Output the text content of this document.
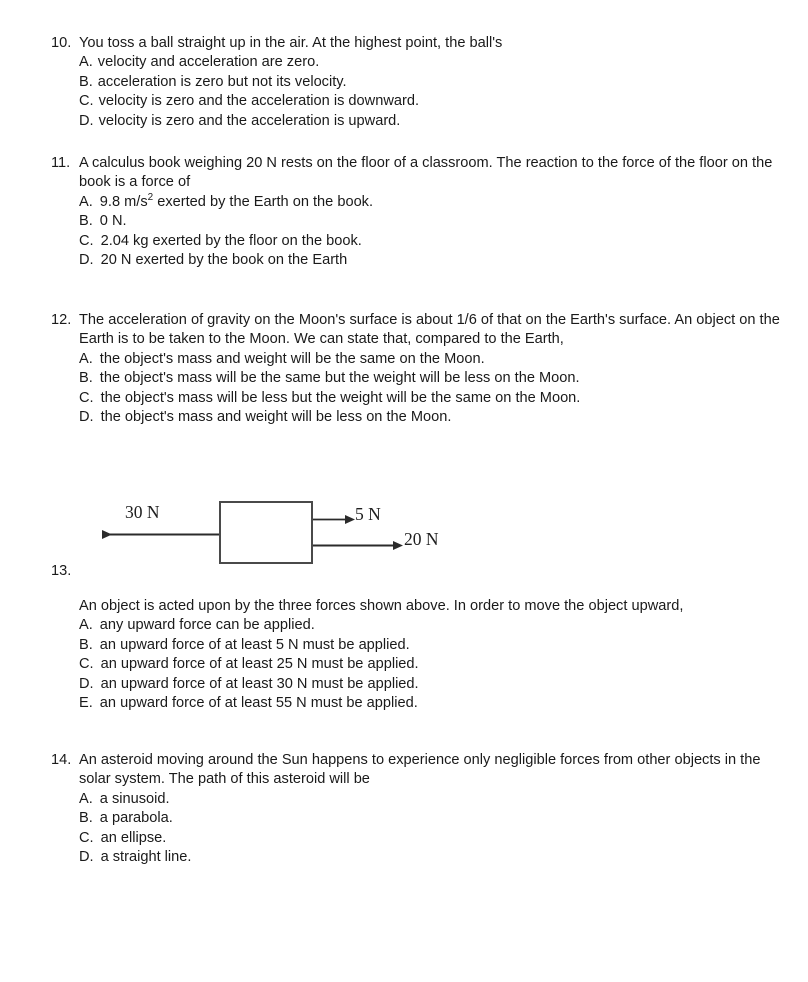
10. You toss a ball straight up in the air. At the highest point, the ball's
A. velocity and acceleration are zero.
B. acceleration is zero but not its velocity.
C. velocity is zero and the acceleration is downward.
D. velocity is zero and the acceleration is upward.
11. A calculus book weighing 20 N rests on the floor of a classroom. The reaction to the force of the floor on the book is a force of
A. 9.8 $m/s^2$ exerted by the Earth on the book.
B. 0 N.
C. 2.04 kg exerted by the floor on the book.
D. 20 N exerted by the book on the Earth
12. The acceleration of gravity on the Moon's surface is about 1/6 of that on the Earth's surface. An object on the Earth is to be taken to the Moon. We can state that, compared to the Earth,
A. the object's mass and weight will be the same on the Moon.
B. the object's mass will be the same but the weight will be less on the Moon.
C. the object's mass will be less but the weight will be the same on the Moon.
D. the object's mass and weight will be less on the Moon.
30 N	5 N
20 N
13.
An object is acted upon by the three forces shown above. In order to move the object upward,
A. any upward force can be applied.
B. an upward force of at least 5 N must be applied.
C. an upward force of at least 25 N must be applied.
D. an upward force of at least 30 N must be applied.
E. an upward force of at least 55 N must be applied.
14. An asteroid moving around the Sun happens to experience only negligible forces from other objects in the solar system. The path of this asteroid will be
A. a sinusoid.
B. a parabola.
C. an ellipse.
D. a straight line.
